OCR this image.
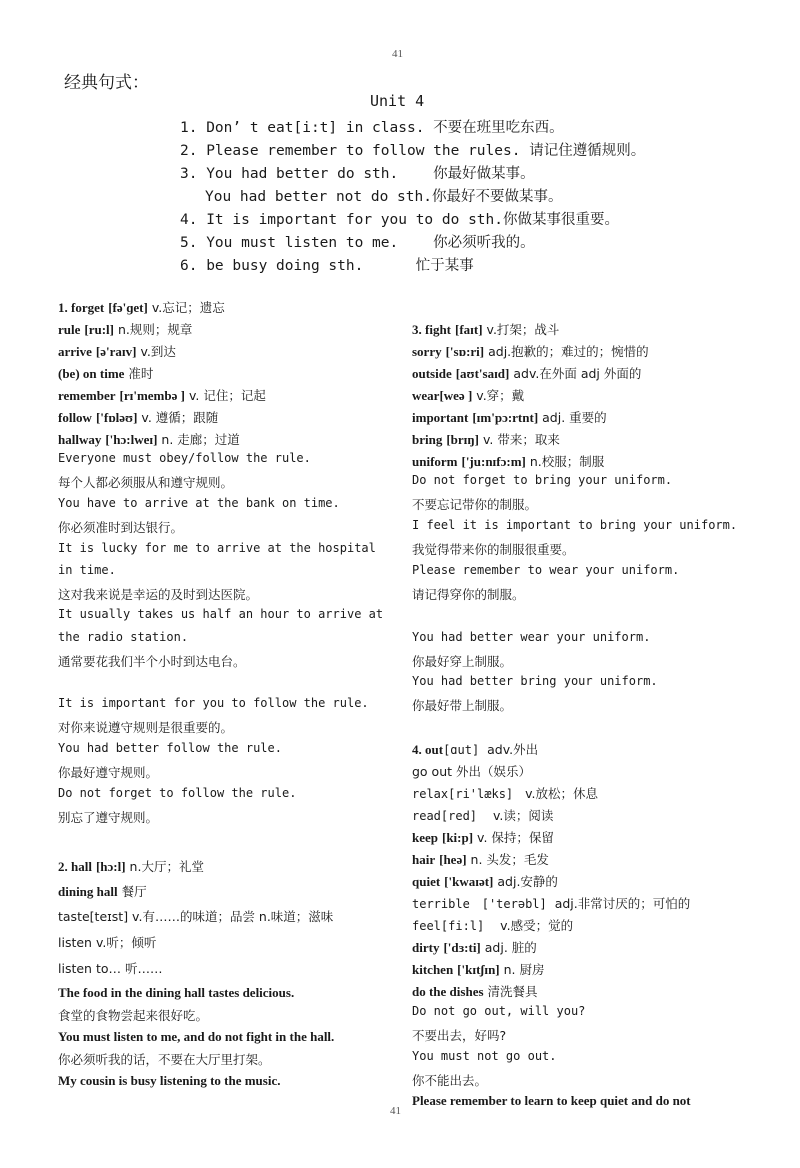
41
经典句式：
Unit 4
1. Don’ t eat[i:t] in class. 不要在班里吃东西。
2. Please remember to follow the rules. 请记住遵循规则。
3. You had better do sth. 你最好做某事。
You had better not do sth.你最好不要做某事。
4. It is important for you to do sth.你做某事很重要。
5. You must listen to me. 你必须听我的。
6. be busy doing sth.	忙于某事
1. forget [fə'ɡet] v.忘记；遗忘
rule [ru:l] n.规则；规章
arrive [ə'raɪv] v.到达
(be) on time 准时
remember [rɪ'membə ] v. 记住；记起
follow ['fɒləʊ] v. 遵循；跟随
hallway ['hɔ:lweɪ] n. 走廊；过道
Everyone must obey/follow the rule.
每个人都必须服从和遵守规则。
You have to arrive at the bank on time.
你必须准时到达银行。
It is lucky for me to arrive at the hospital
in time.
这对我来说是幸运的及时到达医院。
It usually takes us half an hour to arrive at
the radio station.
通常要花我们半个小时到达电台。
It is important for you to follow the rule.
对你来说遵守规则是很重要的。
You had better follow the rule.
你最好遵守规则。
Do not forget to follow the rule.
别忘了遵守规则。
2. hall [hɔ:l] n.大厅；礼堂
dining hall 餐厅
taste[teɪst] v.有……的味道；品尝 n.味道；滋味
listen v.听；倾听
listen to… 听……
The food in the dining hall tastes delicious.
食堂的食物尝起来很好吃。
You must listen to me, and do not fight in the hall.
你必须听我的话，不要在大厅里打架。
My cousin is busy listening to the music.
3. fight [faɪt] v.打架；战斗
sorry ['sɒ:ri] adj.抱歉的；难过的；惋惜的
outside [aʊt'saɪd] adv.在外面 adj 外面的
wear[weə ] v.穿；戴
important [ɪm'pɔ:rtnt] adj. 重要的
bring [brɪŋ] v. 带来；取来
uniform ['ju:nɪfɔ:m] n.校服；制服
Do not forget to bring your uniform.
不要忘记带你的制服。
I feel it is important to bring your uniform.
我觉得带来你的制服很重要。
Please remember to wear your uniform.
请记得穿你的制服。
You had better wear your uniform.
你最好穿上制服。
You had better bring your uniform.
你最好带上制服。
4. out[ɑut] adv.外出
go out 外出（娱乐）
relax[ri'læks] v.放松；休息
read[red] v.读；阅读
keep [ki:p] v. 保持；保留
hair [heə] n. 头发；毛发
quiet ['kwaɪət] adj.安静的
terrible ['terəbl] adj.非常讨厌的；可怕的
feel[fi:l] v.感受；觉的
dirty ['dɜ:ti] adj. 脏的
kitchen ['kɪtʃɪn] n. 厨房
do the dishes 清洗餐具
Do not go out, will you?
不要出去，好吗?
You must not go out.
你不能出去。
Please remember to learn to keep quiet and do not
41
